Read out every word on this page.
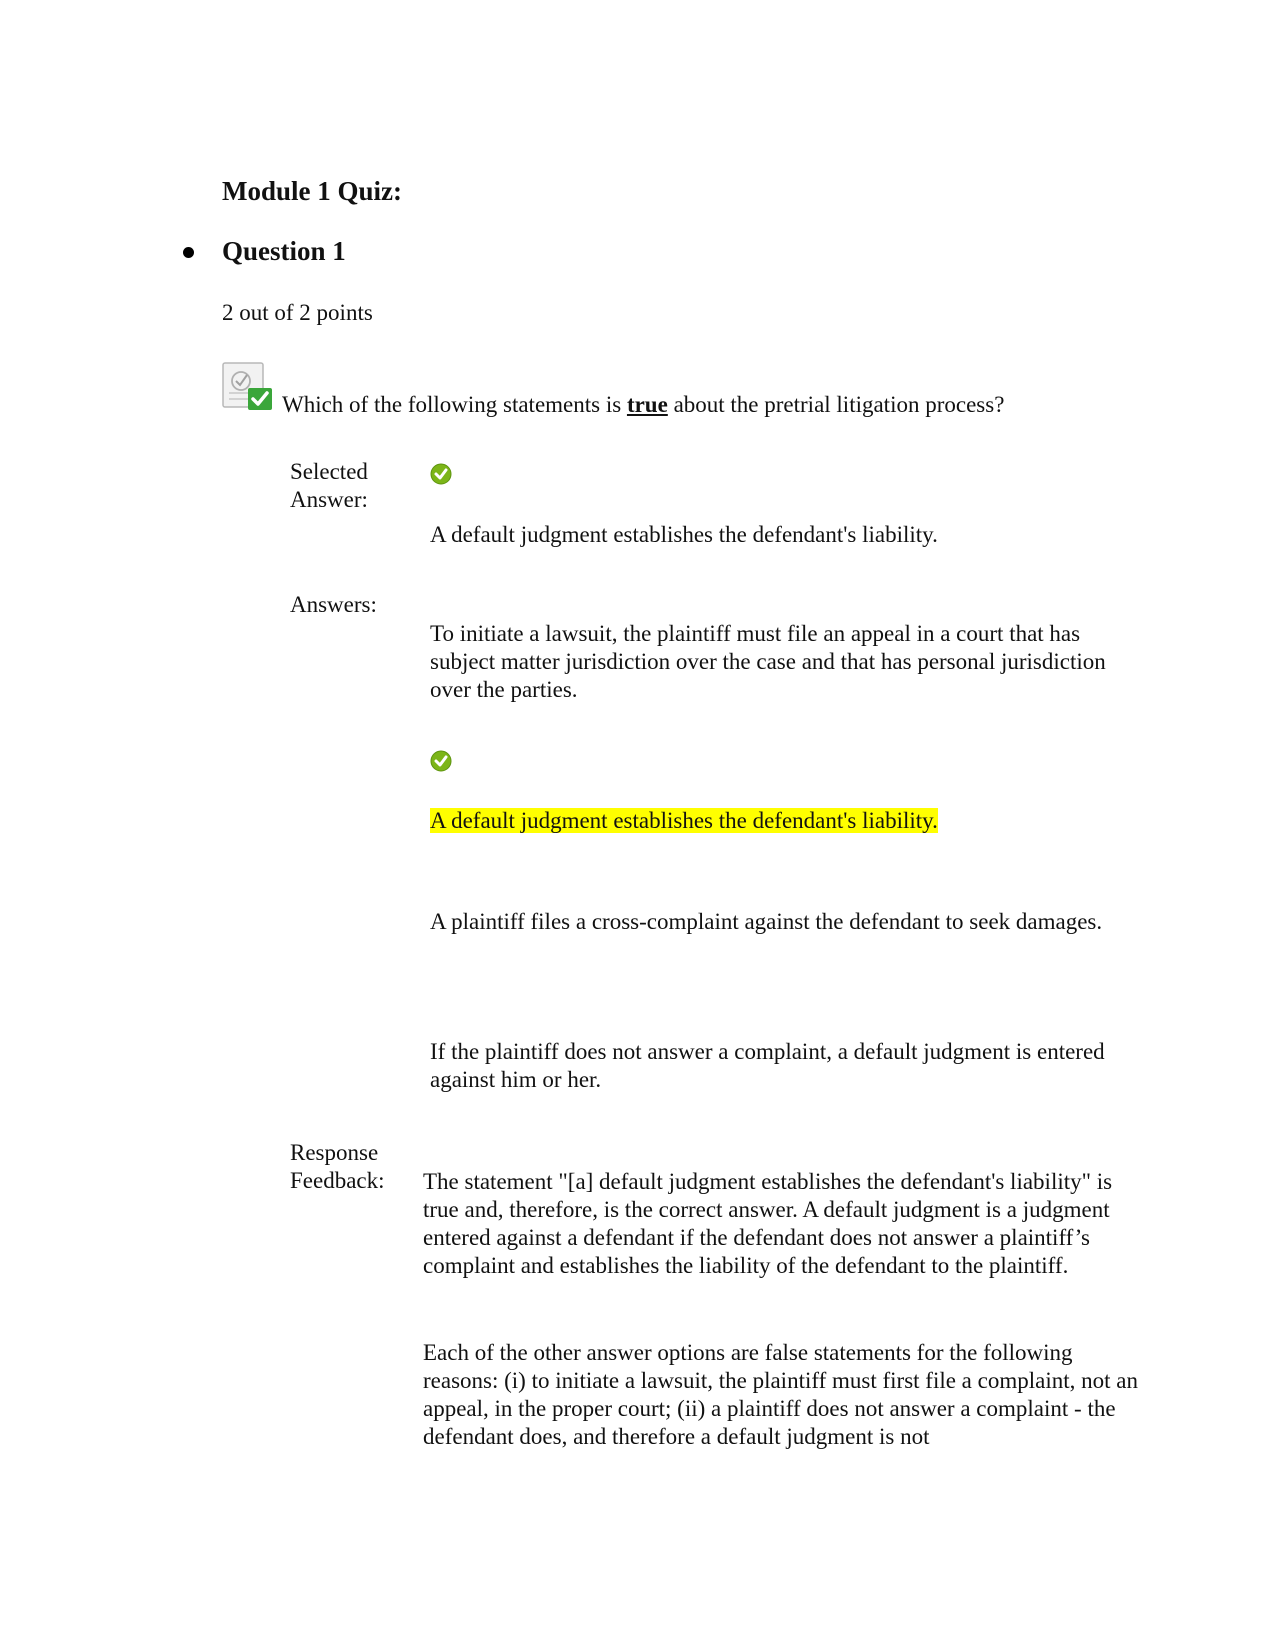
Module 1 Quiz:
Question 1
2 out of 2 points
Which of the following statements is true about the pretrial litigation process?
Selected
Answer:
A default judgment establishes the defendant's liability.
Answers:
To initiate a lawsuit, the plaintiff must file an appeal in a court that has subject matter jurisdiction over the case and that has personal jurisdiction over the parties.
A default judgment establishes the defendant's liability.
A plaintiff files a cross-complaint against the defendant to seek damages.
If the plaintiff does not answer a complaint, a default judgment is entered against him or her.
Response
Feedback:	The statement "[a] default judgment establishes the defendant's liability" is true and, therefore, is the correct answer. A default judgment is a judgment entered against a defendant if the defendant does not answer a plaintiff’s complaint and establishes the liability of the defendant to the plaintiff.
Each of the other answer options are false statements for the following reasons: (i) to initiate a lawsuit, the plaintiff must first file a complaint, not an appeal, in the proper court; (ii) a plaintiff does not answer a complaint - the defendant does, and therefore a default judgment is not
